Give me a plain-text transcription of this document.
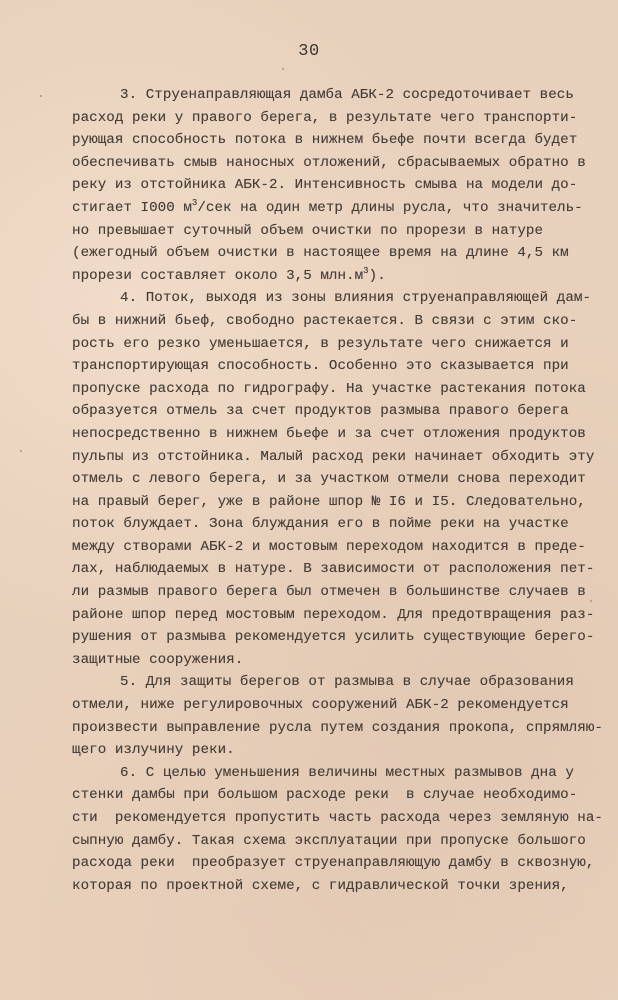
30
3. Струенаправляющая дамба АБК-2 сосредоточивает весь
расход реки у правого берега, в результате чего транспорти-
рующая способность потока в нижнем бьефе почти всегда будет
обеспечивать смыв наносных отложений, сбрасываемых обратно в
реку из отстойника АБК-2. Интенсивность смыва на модели до-
стигает I000 $м^3$/сек на один метр длины русла, что значитель-
но превышает суточный объем очистки по прорези в натуре
(ежегодный объем очистки в настоящее время на длине 4,5 км
прорези составляет около 3,5 $млн.м^3$).
4. Поток, выходя из зоны влияния струенаправляющей дам-
бы в нижний бьеф, свободно растекается. В связи с этим ско-
рость его резко уменьшается, в результате чего снижается и
транспортирующая способность. Особенно это сказывается при
пропуске расхода по гидрографу. На участке растекания потока
образуется отмель за счет продуктов размыва правого берега
непосредственно в нижнем бьефе и за счет отложения продуктов
пульпы из отстойника. Малый расход реки начинает обходить эту
отмель с левого берега, и за участком отмели снова переходит
на правый берег, уже в районе шпор № I6 и I5. Следовательно,
поток блуждает. Зона блуждания его в пойме реки на участке
между створами АБК-2 и мостовым переходом находится в преде-
лах, наблюдаемых в натуре. В зависимости от расположения пет-
ли размыв правого берега был отмечен в большинстве случаев в
районе шпор перед мостовым переходом. Для предотвращения раз-
рушения от размыва рекомендуется усилить существующие берего-
защитные сооружения.
5. Для защиты берегов от размыва в случае образования
отмели, ниже регулировочных сооружений АБК-2 рекомендуется
произвести выправление русла путем создания прокопа, спрямляю-
щего излучину реки.
6. С целью уменьшения величины местных размывов дна у
стенки дамбы при большом расходе реки  в случае необходимо-
сти  рекомендуется пропустить часть расхода через земляную на-
сыпную дамбу. Такая схема эксплуатации при пропуске большого
расхода реки  преобразует струенаправляющую дамбу в сквозную,
которая по проектной схеме, с гидравлической точки зрения,
